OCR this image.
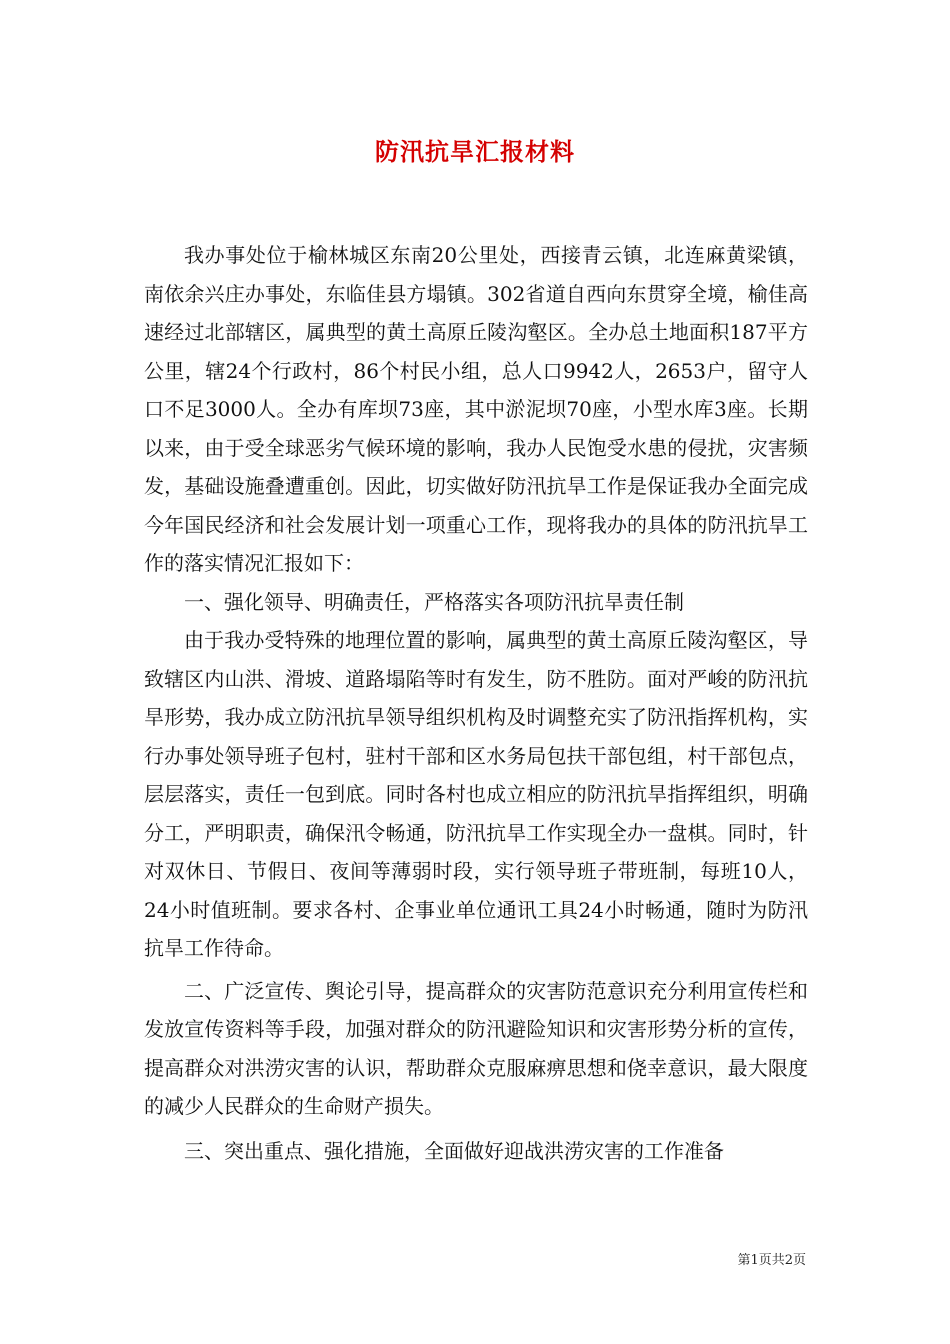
防汛抗旱汇报材料

我办事处位于榆林城区东南20公里处，西接青云镇，北连麻黄梁镇，南依余兴庄办事处，东临佳县方塌镇。302省道自西向东贯穿全境，榆佳高速经过北部辖区，属典型的黄土高原丘陵沟壑区。全办总土地面积187平方公里，辖24个行政村，86个村民小组，总人口9942人，2653户，留守人口不足3000人。全办有库坝73座，其中淤泥坝70座，小型水库3座。长期以来，由于受全球恶劣气候环境的影响，我办人民饱受水患的侵扰，灾害频发，基础设施叠遭重创。因此，切实做好防汛抗旱工作是保证我办全面完成今年国民经济和社会发展计划一项重心工作，现将我办的具体的防汛抗旱工作的落实情况汇报如下：

一、强化领导、明确责任，严格落实各项防汛抗旱责任制

由于我办受特殊的地理位置的影响，属典型的黄土高原丘陵沟壑区，导致辖区内山洪、滑坡、道路塌陷等时有发生，防不胜防。面对严峻的防汛抗旱形势，我办成立防汛抗旱领导组织机构及时调整充实了防汛指挥机构，实行办事处领导班子包村，驻村干部和区水务局包扶干部包组，村干部包点，层层落实，责任一包到底。同时各村也成立相应的防汛抗旱指挥组织，明确分工，严明职责，确保汛令畅通，防汛抗旱工作实现全办一盘棋。同时，针对双休日、节假日、夜间等薄弱时段，实行领导班子带班制，每班10人，24小时值班制。要求各村、企事业单位通讯工具24小时畅通，随时为防汛抗旱工作待命。

二、广泛宣传、舆论引导，提高群众的灾害防范意识充分利用宣传栏和发放宣传资料等手段，加强对群众的防汛避险知识和灾害形势分析的宣传，提高群众对洪涝灾害的认识，帮助群众克服麻痹思想和侥幸意识，最大限度的减少人民群众的生命财产损失。

三、突出重点、强化措施，全面做好迎战洪涝灾害的工作准备

第1页共2页
